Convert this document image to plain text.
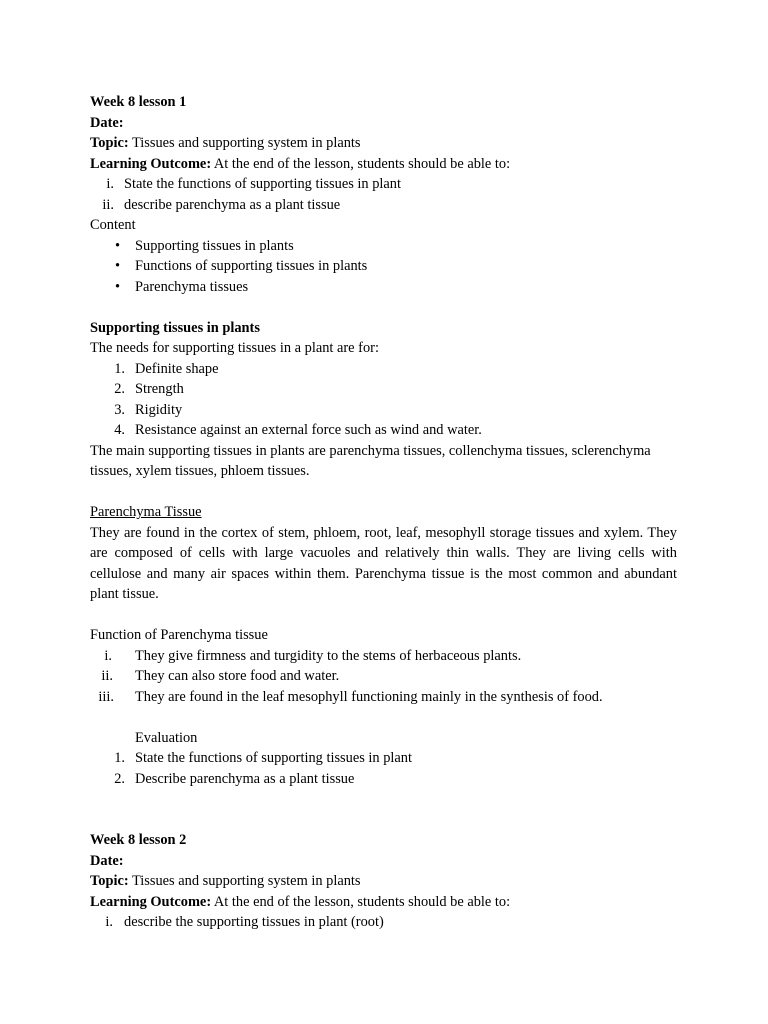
Week 8 lesson 1
Date:
Topic: Tissues and supporting system in plants
Learning Outcome: At the end of the lesson, students should be able to:
i. State the functions of supporting tissues in plant
ii. describe parenchyma as a plant tissue
Content
•	Supporting tissues in plants
•	Functions of supporting tissues in plants
•	Parenchyma tissues
Supporting tissues in plants
The needs for supporting tissues in a plant are for:
1. Definite shape
2. Strength
3. Rigidity
4. Resistance against an external force such as wind and water.
The main supporting tissues in plants are parenchyma tissues, collenchyma tissues, sclerenchyma tissues, xylem tissues, phloem tissues.
Parenchyma Tissue
They are found in the cortex of stem, phloem, root, leaf, mesophyll storage tissues and xylem. They are composed of cells with large vacuoles and relatively thin walls. They are living cells with cellulose and many air spaces within them. Parenchyma tissue is the most common and abundant plant tissue.
Function of Parenchyma tissue
i.	They give firmness and turgidity to the stems of herbaceous plants.
ii.	They can also store food and water.
iii.	They are found in the leaf mesophyll functioning mainly in the synthesis of food.
Evaluation
1. State the functions of supporting tissues in plant
2. Describe parenchyma as a plant tissue
Week 8 lesson 2
Date:
Topic: Tissues and supporting system in plants
Learning Outcome: At the end of the lesson, students should be able to:
i. describe the supporting tissues in plant (root)
